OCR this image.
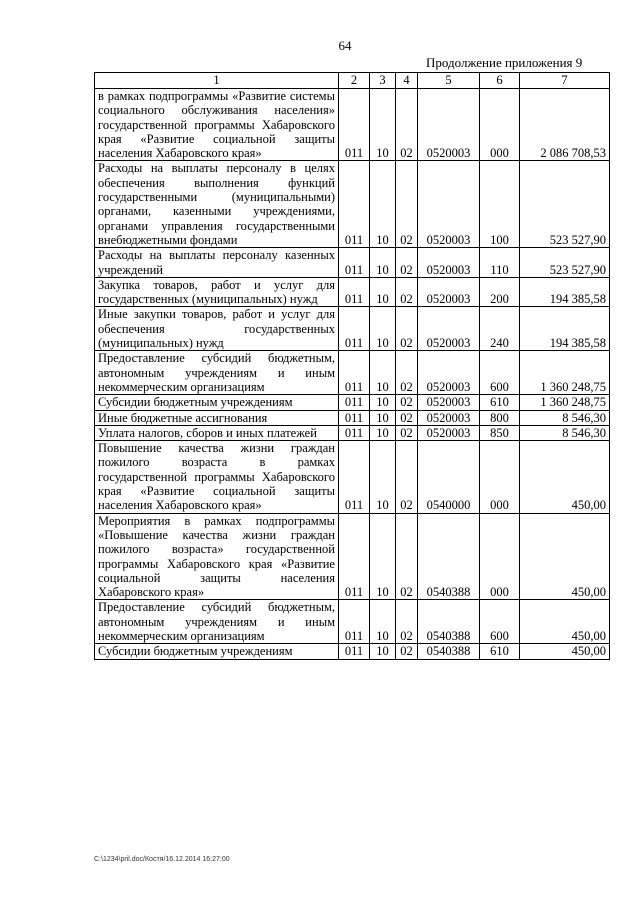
64
Продолжение приложения 9
1	2	3	4	5	6	7
в рамках подпрограммы «Развитие системы социального обслуживания населения» государственной программы Хабаровского края «Развитие социальной защиты населения Хабаровского края»	011	10	02	0520003	000	2 086 708,53
Расходы на выплаты персоналу в целях обеспечения выполнения функций государственными (муниципальными) органами, казенными учреждениями, органами управления государственными внебюджетными фондами	011	10	02	0520003	100	523 527,90
Расходы на выплаты персоналу казенных учреждений	011	10	02	0520003	110	523 527,90
Закупка товаров, работ и услуг для государственных (муниципальных) нужд	011	10	02	0520003	200	194 385,58
Иные закупки товаров, работ и услуг для обеспечения государственных (муниципальных) нужд	011	10	02	0520003	240	194 385,58
Предоставление субсидий бюджетным, автономным учреждениям и иным некоммерческим организациям	011	10	02	0520003	600	1 360 248,75
Субсидии бюджетным учреждениям	011	10	02	0520003	610	1 360 248,75
Иные бюджетные ассигнования	011	10	02	0520003	800	8 546,30
Уплата налогов, сборов и иных платежей	011	10	02	0520003	850	8 546,30
Повышение качества жизни граждан пожилого возраста в рамках государственной программы Хабаровского края «Развитие социальной защиты населения Хабаровского края»	011	10	02	0540000	000	450,00
Мероприятия в рамках подпрограммы «Повышение качества жизни граждан пожилого возраста» государственной программы Хабаровского края «Развитие социальной защиты населения Хабаровского края»	011	10	02	0540388	000	450,00
Предоставление субсидий бюджетным, автономным учреждениям и иным некоммерческим организациям	011	10	02	0540388	600	450,00
Субсидии бюджетным учреждениям	011	10	02	0540388	610	450,00
C:\1234\pril.doc/Костя/16.12.2014 16:27:00
